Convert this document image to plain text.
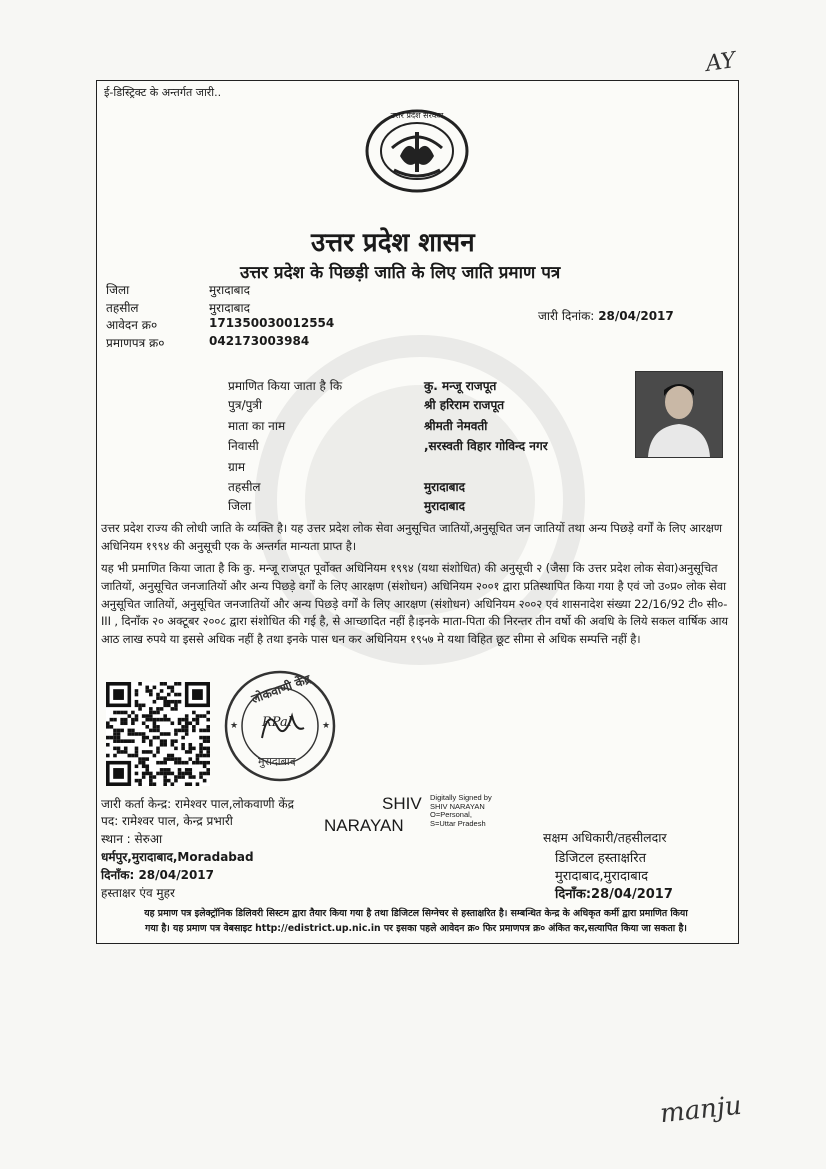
AY
ई-डिस्ट्रिक्ट के अन्तर्गत जारी..
उत्तर प्रदेश सरकार
उत्तर प्रदेश शासन
उत्तर प्रदेश के पिछड़ी जाति के लिए जाति प्रमाण पत्र
जिला	मुरादाबाद
तहसील	मुरादाबाद
आवेदन क्र०	171350030012554
प्रमाणपत्र क्र०	042173003984
जारी दिनांक: 28/04/2017
प्रमाणित किया जाता है कि	कु. मन्जू राजपूत
पुत्र/पुत्री	श्री हरिराम राजपूत
माता का नाम	श्रीमती नेमवती
निवासी	,सरस्वती विहार गोविन्द नगर
ग्राम
तहसील	मुरादाबाद
जिला	मुरादाबाद
उत्तर प्रदेश राज्य की लोधी जाति के व्यक्ति है। यह उत्तर प्रदेश लोक सेवा अनुसूचित जातियों,अनुसूचित जन जातियों तथा अन्य पिछड़े वर्गों के लिए आरक्षण अधिनियम १९९४ की अनुसूची एक के अन्तर्गत मान्यता प्राप्त है।
यह भी प्रमाणित किया जाता है कि कु. मन्जू राजपूत पूर्वोक्त अधिनियम १९९४ (यथा संशोधित) की अनुसूची २ (जैसा कि उत्तर प्रदेश लोक सेवा)अनुसूचित जातियों, अनुसूचित जनजातियों और अन्य पिछड़े वर्गों के लिए आरक्षण (संशोधन) अधिनियम २००१ द्वारा प्रतिस्थापित किया गया है एवं जो उ०प्र० लोक सेवा अनुसूचित जातियों, अनुसूचित जनजातियों और अन्य पिछड़े वर्गों के लिए आरक्षण (संशोधन) अधिनियम २००२ एवं शासनादेश संख्या 22/16/92 टी० सी०-III , दिनाँक २० अक्टूबर २००८ द्वारा संशोधित की गई है, से आच्छादित नहीं है।इनके माता-पिता की निरन्तर तीन वर्षो की अवधि के लिये सकल वार्षिक आय आठ लाख रुपये या इससे अधिक नहीं है तथा इनके पास धन कर अधिनियम १९५७ मे यथा विहित छूट सीमा से अधिक सम्पत्ति नहीं है।
★	★
लोकवाणी केंद्र
मुरादाबाद
RPal
जारी कर्ता केन्द्र: रामेश्वर पाल,लोकवाणी केंद्र
पद: रामेश्वर पाल, केन्द्र प्रभारी
स्थान : सेरुआ
धर्मपुर,मुरादाबाद,Moradabad
दिनाँक: 28/04/2017
हस्ताक्षर एंव मुहर
SHIV
NARAYAN
Digitally Signed by
SHIV NARAYAN
O=Personal,
S=Uttar Pradesh
सक्षम अधिकारी/तहसीलदार
डिजिटल हस्ताक्षरित
मुरादाबाद,मुरादाबाद
दिनाँक:28/04/2017
यह प्रमाण पत्र इलेक्ट्रॉनिक डिलिवरी सिस्टम द्वारा तैयार किया गया है तथा डिजिटल सिग्नेचर से हस्ताक्षरित है। सम्बन्धित केन्द्र के अधिकृत कर्मी द्वारा प्रमाणित किया
गया है। यह प्रमाण पत्र वेबसाइट http://edistrict.up.nic.in पर इसका पहले आवेदन क्र० फिर प्रमाणपत्र क्र० अंकित कर,सत्यापित किया जा सकता है।
manju
